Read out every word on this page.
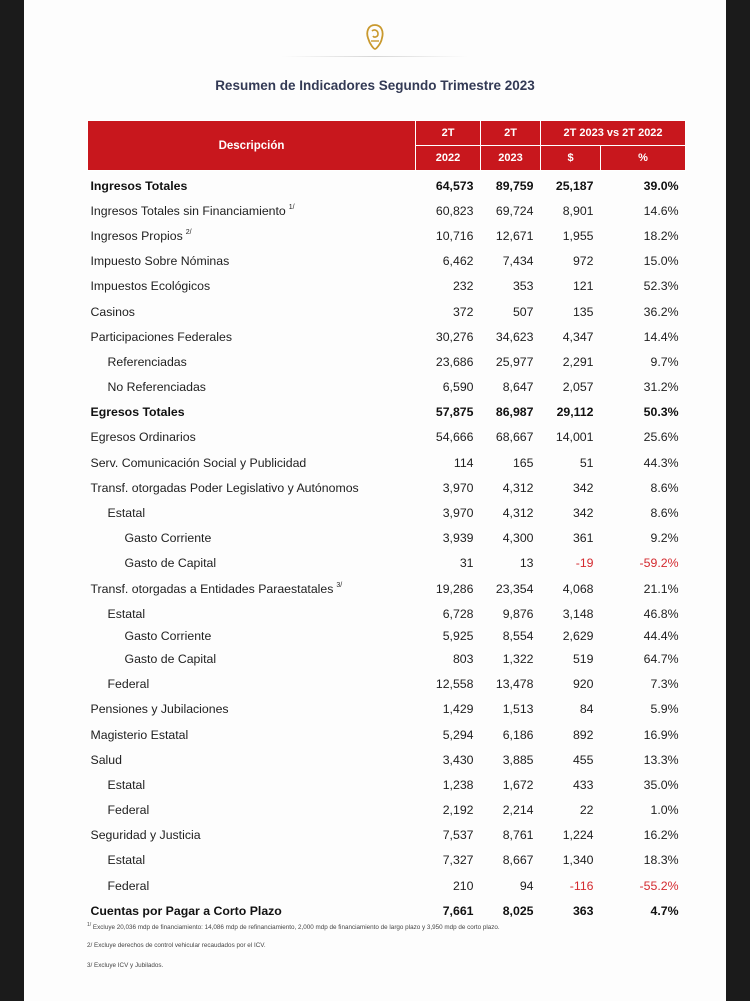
Resumen de Indicadores Segundo Trimestre 2023
Descripción	2T	2T	2T 2023 vs 2T 2022	
	2022	2023	$	%
Ingresos Totales	64,573	89,759	25,187	39.0%
Ingresos Totales sin Financiamiento $^{1/}$	60,823	69,724	8,901	14.6%
Ingresos Propios $^{2/}$	10,716	12,671	1,955	18.2%
Impuesto Sobre Nóminas	6,462	7,434	972	15.0%
Impuestos Ecológicos	232	353	121	52.3%
Casinos	372	507	135	36.2%
Participaciones Federales	30,276	34,623	4,347	14.4%
Referenciadas	23,686	25,977	2,291	9.7%
No Referenciadas	6,590	8,647	2,057	31.2%
Egresos Totales	57,875	86,987	29,112	50.3%
Egresos Ordinarios	54,666	68,667	14,001	25.6%
Serv. Comunicación Social y Publicidad	114	165	51	44.3%
Transf. otorgadas Poder Legislativo y Autónomos	3,970	4,312	342	8.6%
Estatal	3,970	4,312	342	8.6%
Gasto Corriente	3,939	4,300	361	9.2%
Gasto de Capital	31	13	-19	-59.2%
Transf. otorgadas a Entidades Paraestatales $^{3/}$	19,286	23,354	4,068	21.1%
Estatal	6,728	9,876	3,148	46.8%
Gasto Corriente	5,925	8,554	2,629	44.4%
Gasto de Capital	803	1,322	519	64.7%
Federal	12,558	13,478	920	7.3%
Pensiones y Jubilaciones	1,429	1,513	84	5.9%
Magisterio Estatal	5,294	6,186	892	16.9%
Salud	3,430	3,885	455	13.3%
Estatal	1,238	1,672	433	35.0%
Federal	2,192	2,214	22	1.0%
Seguridad y Justicia	7,537	8,761	1,224	16.2%
Estatal	7,327	8,667	1,340	18.3%
Federal	210	94	-116	-55.2%
Cuentas por Pagar a Corto Plazo	7,661	8,025	363	4.7%
$^{1/}$ Excluye 20,036 mdp de financiamiento: 14,086 mdp de refinanciamiento, 2,000 mdp de financiamiento de largo plazo y 3,950 mdp de corto plazo.
2/ Excluye derechos de control vehicular recaudados por el ICV.
3/ Excluye ICV y Jubilados.
